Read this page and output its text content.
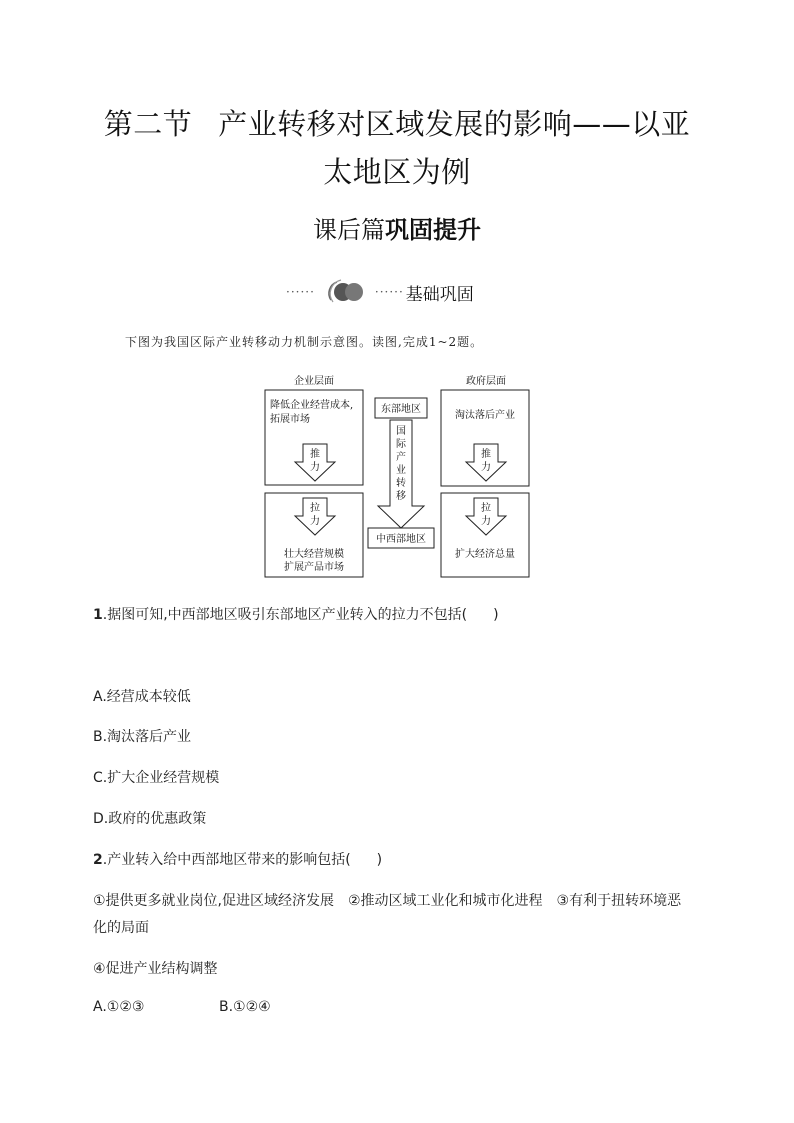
第二节 产业转移对区域发展的影响——以亚
太地区为例
课后篇巩固提升
······	······ 基础巩固
下图为我国区际产业转移动力机制示意图。读图,完成1~2题。
企业层面
降低企业经营成本,
拓展市场
推
力
拉
力
壮大经营规模
扩展产品市场
东部地区
国
际
产
业
转
移
中西部地区
政府层面
淘汰落后产业
推
力
拉
力
扩大经济总量
1.据图可知,中西部地区吸引东部地区产业转入的拉力不包括( )
A.经营成本较低
B.淘汰落后产业
C.扩大企业经营规模
D.政府的优惠政策
2.产业转入给中西部地区带来的影响包括( )
①提供更多就业岗位,促进区域经济发展　②推动区域工业化和城市化进程　③有利于扭转环境恶
化的局面
④促进产业结构调整
A.①②③	B.①②④
